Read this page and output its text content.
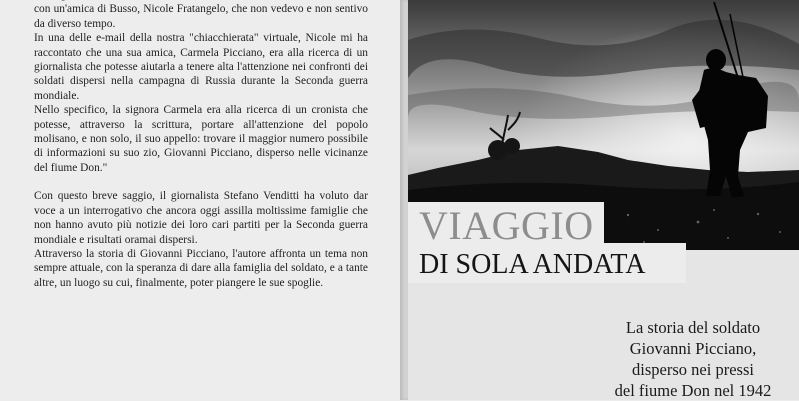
con un'amica di Busso, Nicole Fratangelo, che non vedevo e non sentivo da diverso tempo.

In una delle e-mail della nostra "chiacchierata" virtuale, Nicole mi ha raccontato che una sua amica, Carmela Picciano, era alla ricerca di un giornalista che potesse aiutarla a tenere alta l'attenzione nei confronti dei soldati dispersi nella campagna di Russia durante la Seconda guerra mondiale.

Nello specifico, la signora Carmela era alla ricerca di un cronista che potesse, attraverso la scrittura, portare all'attenzione del popolo molisano, e non solo, il suo appello: trovare il maggior numero possibile di informazioni su suo zio, Giovanni Picciano, disperso nelle vicinanze del fiume Don."

Con questo breve saggio, il giornalista Stefano Venditti ha voluto dar voce a un interrogativo che ancora oggi assilla moltissime famiglie che non hanno avuto più notizie dei loro cari partiti per la Seconda guerra mondiale e risultati oramai dispersi.

Attraverso la storia di Giovanni Picciano, l'autore affronta un tema non sempre attuale, con la speranza di dare alla famiglia del soldato, e a tante altre, un luogo su cui, finalmente, poter piangere le sue spoglie.

VIAGGIO
DI SOLA ANDATA
La storia del soldato
Giovanni Picciano,
disperso nei pressi
del fiume Don nel 1942
